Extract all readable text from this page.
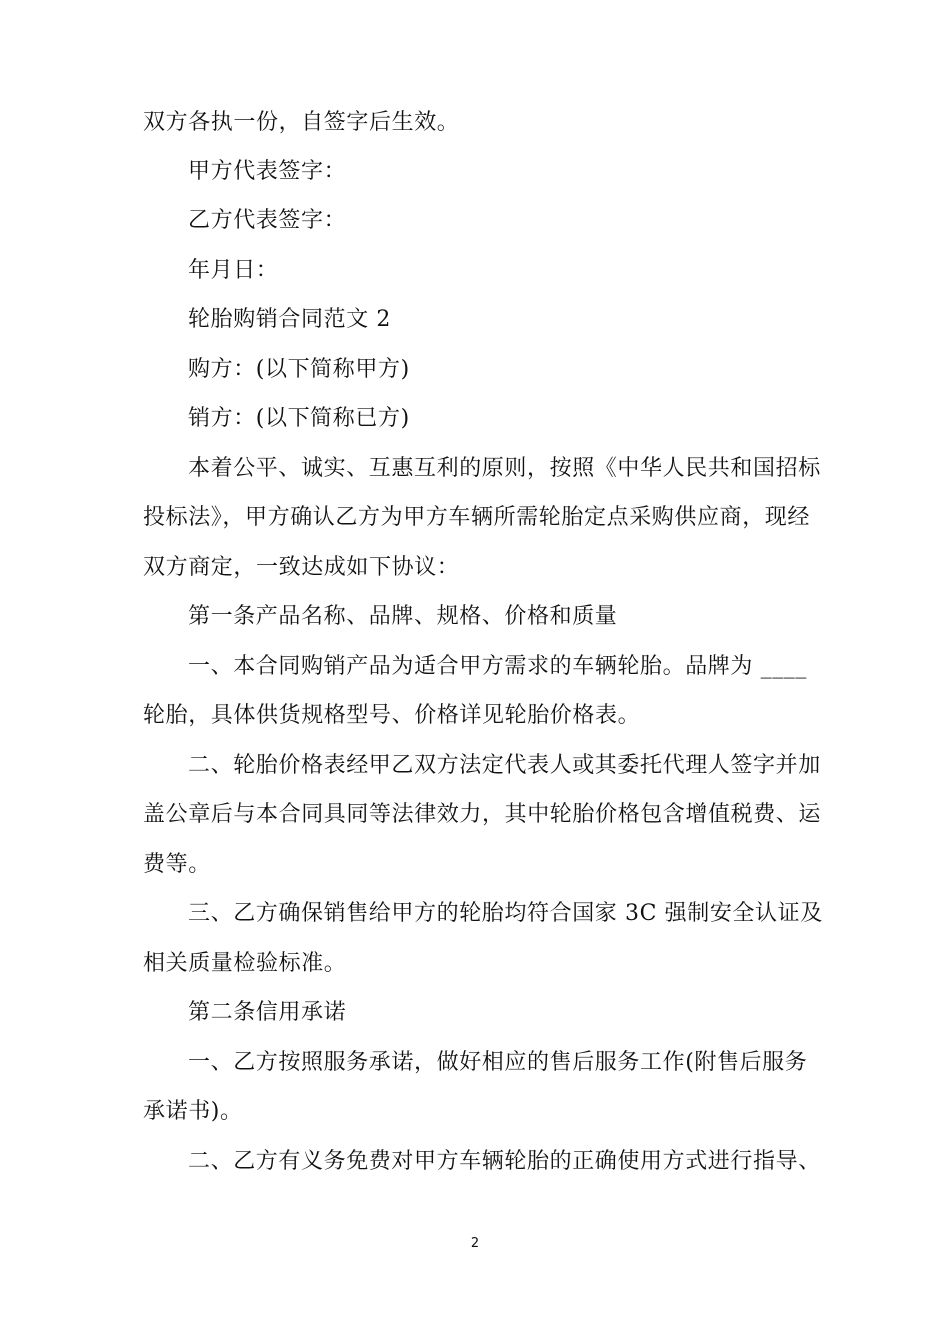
双方各执一份，自签字后生效。
甲方代表签字：
乙方代表签字：
年月日：
轮胎购销合同范文 2
购方：(以下简称甲方)
销方：(以下简称已方)
本着公平、诚实、互惠互利的原则，按照《中华人民共和国招标
投标法》，甲方确认乙方为甲方车辆所需轮胎定点采购供应商，现经
双方商定，一致达成如下协议：
第一条产品名称、品牌、规格、价格和质量
一、本合同购销产品为适合甲方需求的车辆轮胎。品牌为 ____
轮胎，具体供货规格型号、价格详见轮胎价格表。
二、轮胎价格表经甲乙双方法定代表人或其委托代理人签字并加
盖公章后与本合同具同等法律效力，其中轮胎价格包含增值税费、运
费等。
三、乙方确保销售给甲方的轮胎均符合国家 3C 强制安全认证及
相关质量检验标准。
第二条信用承诺
一、乙方按照服务承诺，做好相应的售后服务工作(附售后服务
承诺书)。
二、乙方有义务免费对甲方车辆轮胎的正确使用方式进行指导、
2
